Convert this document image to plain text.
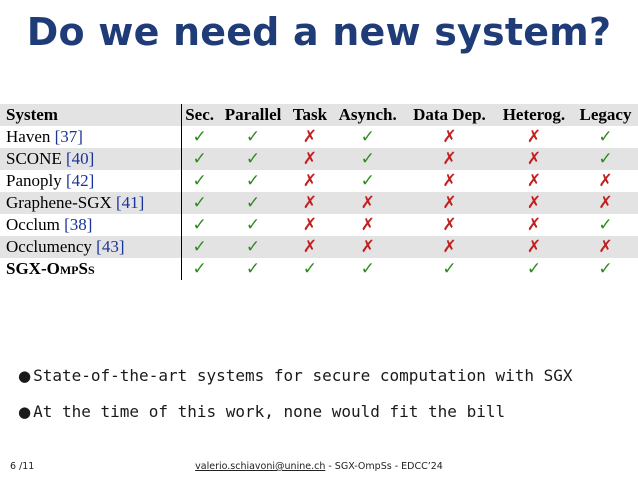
Do we need a new system?
System	Sec.	Parallel	Task	Asynch.	Data Dep.	Heterog.	Legacy
Haven [37]	✓	✓	✗	✓	✗	✗	✓
SCONE [40]	✓	✓	✗	✓	✗	✗	✓
Panoply [42]	✓	✓	✗	✓	✗	✗	✗
Graphene-SGX [41]	✓	✓	✗	✗	✗	✗	✗
Occlum [38]	✓	✓	✗	✗	✗	✗	✓
Occlumency [43]	✓	✓	✗	✗	✗	✗	✗
SGX-OmpSs	✓	✓	✓	✓	✓	✓	✓
● State-of-the-art systems for secure computation with SGX
● At the time of this work, none would fit the bill
6 /11	valerio.schiavoni@unine.ch - SGX-OmpSs - EDCC’24
